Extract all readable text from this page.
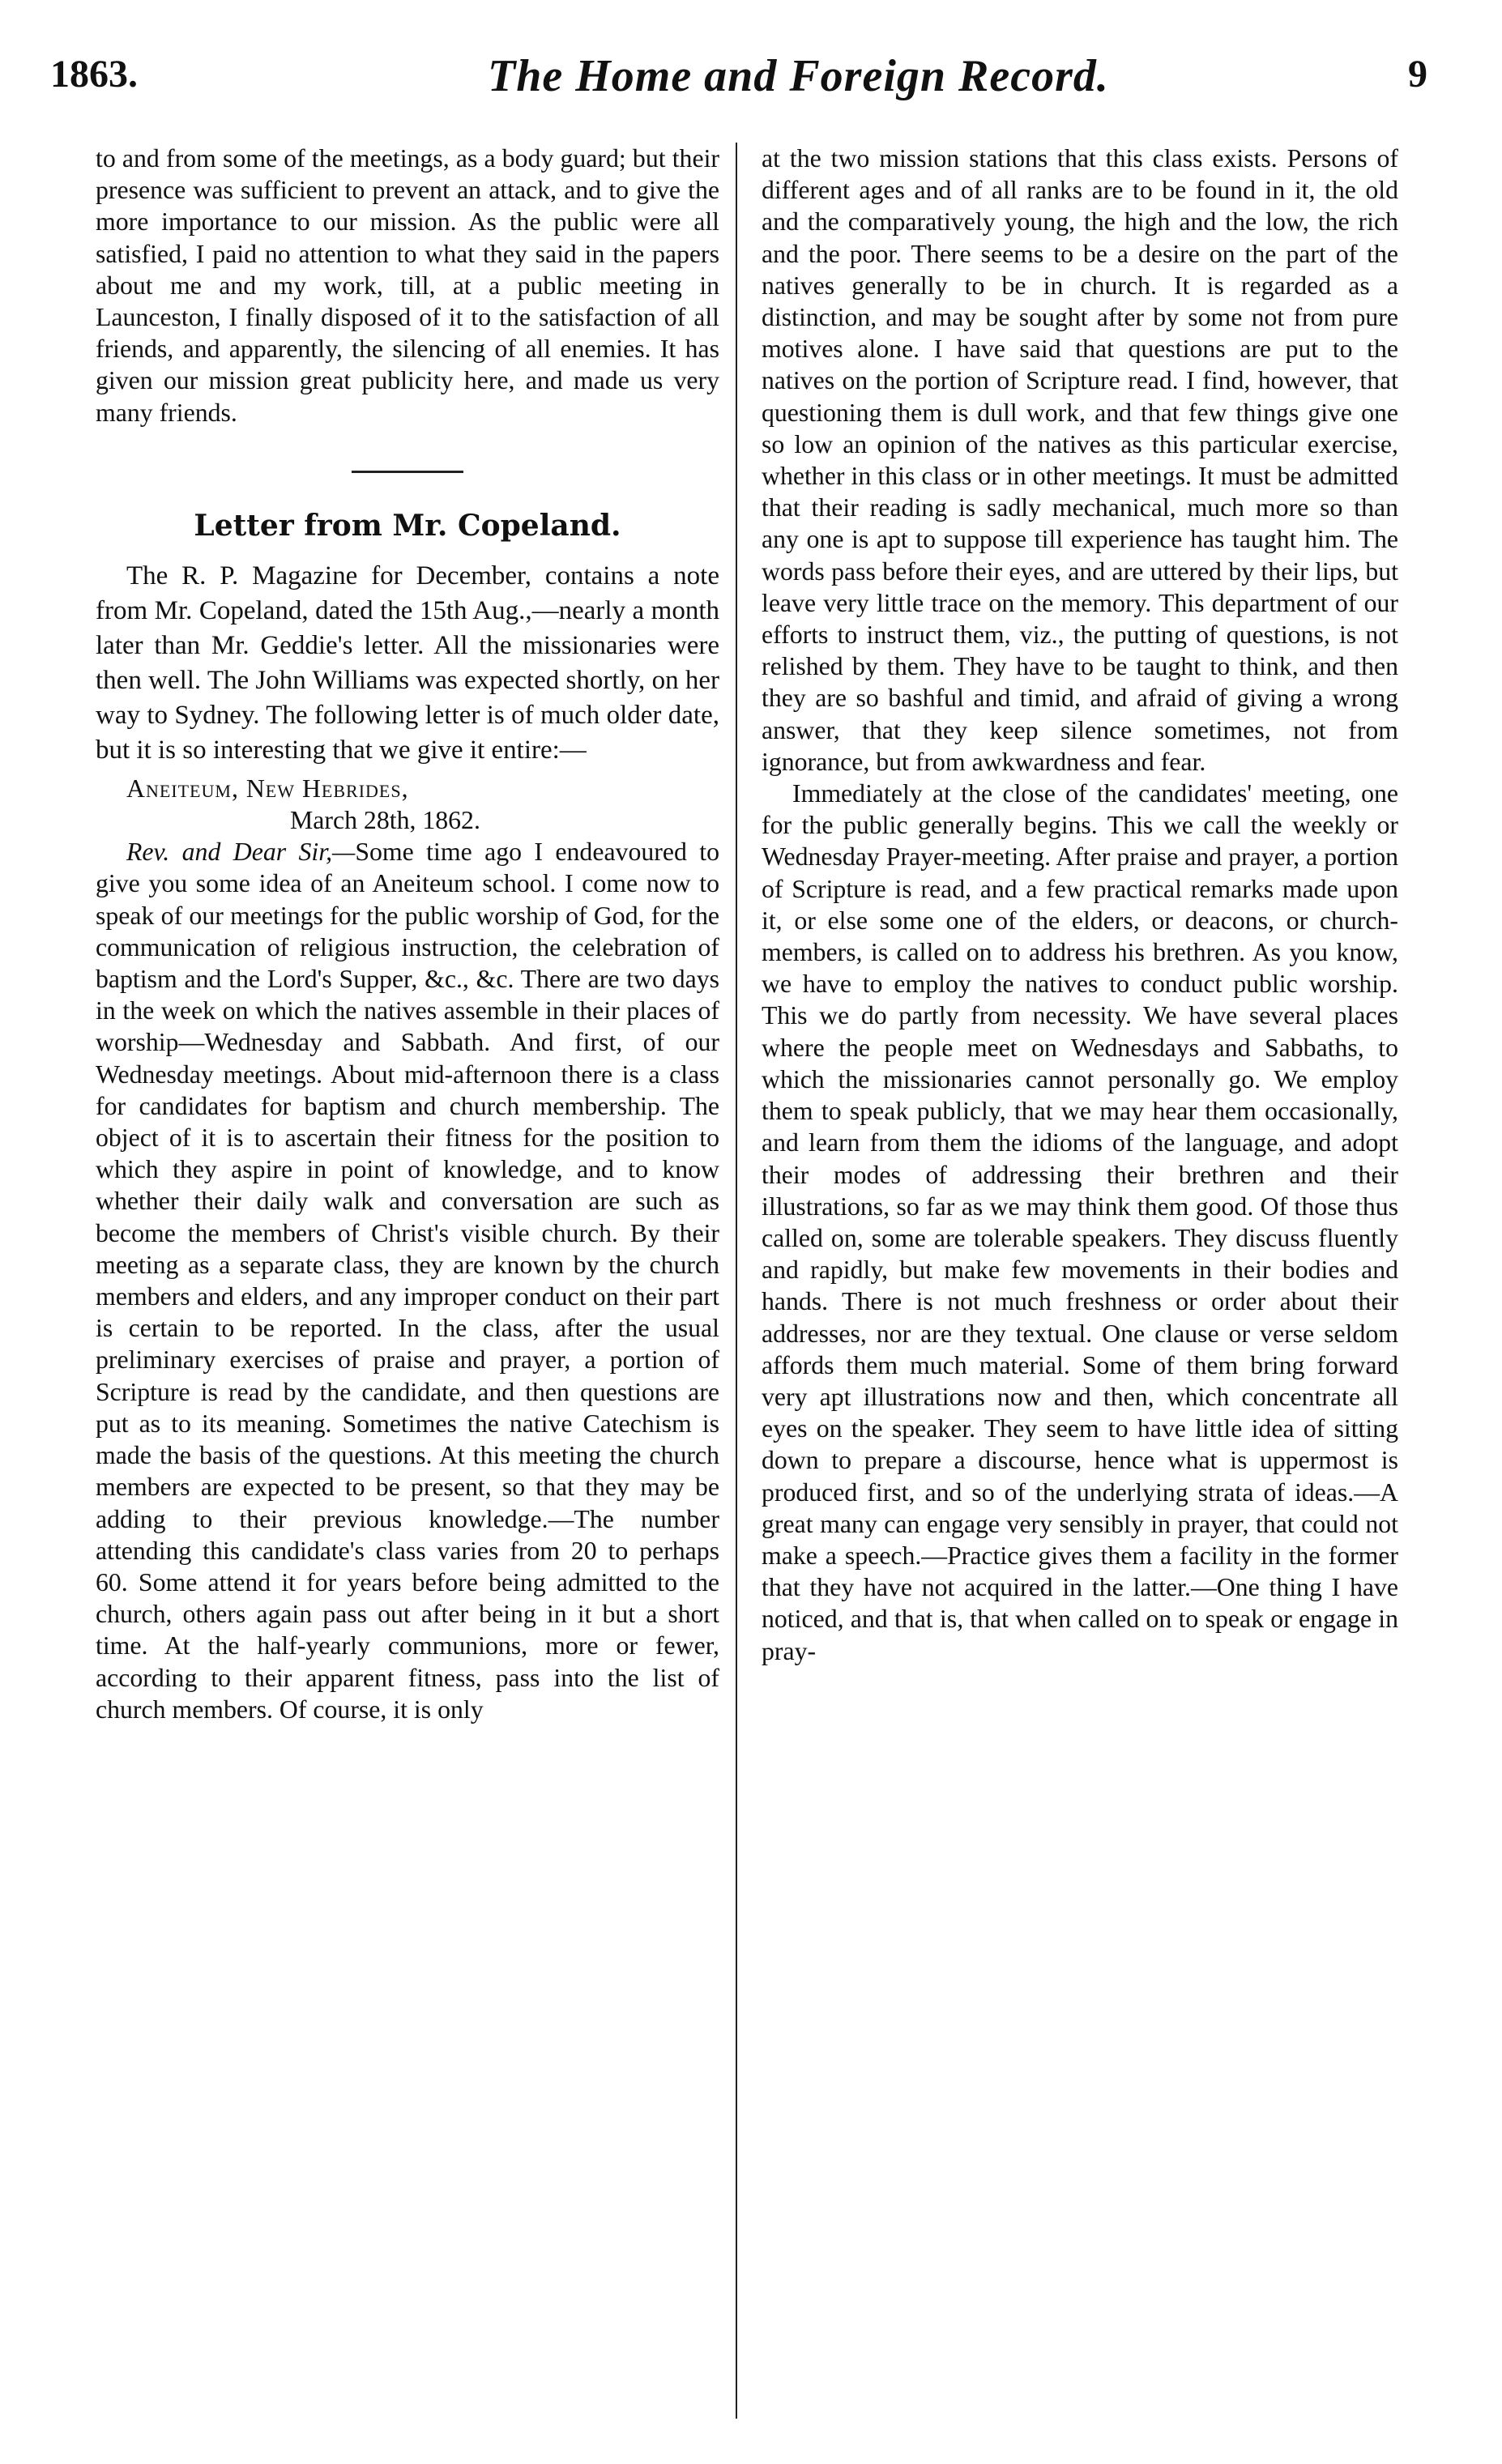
1863.	The Home and Foreign Record.	9

to and from some of the meetings, as a body guard; but their presence was sufficient to prevent an attack, and to give the more importance to our mission. As the public were all satisfied, I paid no attention to what they said in the papers about me and my work, till, at a public meeting in Launceston, I finally disposed of it to the satisfaction of all friends, and apparently, the silencing of all enemies. It has given our mission great publicity here, and made us very many friends.

Letter from Mr. Copeland.

The R. P. Magazine for December, contains a note from Mr. Copeland, dated the 15th Aug.,—nearly a month later than Mr. Geddie's letter. All the missionaries were then well. The John Williams was expected shortly, on her way to Sydney. The following letter is of much older date, but it is so interesting that we give it entire:—

Aneiteum, New Hebrides,
March 28th, 1862.

Rev. and Dear Sir,—Some time ago I endeavoured to give you some idea of an Aneiteum school. I come now to speak of our meetings for the public worship of God, for the communication of religious instruction, the celebration of baptism and the Lord's Supper, &c., &c. There are two days in the week on which the natives assemble in their places of worship—Wednesday and Sabbath. And first, of our Wednesday meetings. About mid-afternoon there is a class for candidates for baptism and church membership. The object of it is to ascertain their fitness for the position to which they aspire in point of knowledge, and to know whether their daily walk and conversation are such as become the members of Christ's visible church. By their meeting as a separate class, they are known by the church members and elders, and any improper conduct on their part is certain to be reported. In the class, after the usual preliminary exercises of praise and prayer, a portion of Scripture is read by the candidate, and then questions are put as to its meaning. Sometimes the native Catechism is made the basis of the questions. At this meeting the church members are expected to be present, so that they may be adding to their previous knowledge.—The number attending this candidate's class varies from 20 to perhaps 60. Some attend it for years before being admitted to the church, others again pass out after being in it but a short time. At the half-yearly communions, more or fewer, according to their apparent fitness, pass into the list of church members. Of course, it is only

at the two mission stations that this class exists. Persons of different ages and of all ranks are to be found in it, the old and the comparatively young, the high and the low, the rich and the poor. There seems to be a desire on the part of the natives generally to be in church. It is regarded as a distinction, and may be sought after by some not from pure motives alone. I have said that questions are put to the natives on the portion of Scripture read. I find, however, that questioning them is dull work, and that few things give one so low an opinion of the natives as this particular exercise, whether in this class or in other meetings. It must be admitted that their reading is sadly mechanical, much more so than any one is apt to suppose till experience has taught him. The words pass before their eyes, and are uttered by their lips, but leave very little trace on the memory. This department of our efforts to instruct them, viz., the putting of questions, is not relished by them. They have to be taught to think, and then they are so bashful and timid, and afraid of giving a wrong answer, that they keep silence sometimes, not from ignorance, but from awkwardness and fear.

Immediately at the close of the candidates' meeting, one for the public generally begins. This we call the weekly or Wednesday Prayer-meeting. After praise and prayer, a portion of Scripture is read, and a few practical remarks made upon it, or else some one of the elders, or deacons, or church-members, is called on to address his brethren. As you know, we have to employ the natives to conduct public worship. This we do partly from necessity. We have several places where the people meet on Wednesdays and Sabbaths, to which the missionaries cannot personally go. We employ them to speak publicly, that we may hear them occasionally, and learn from them the idioms of the language, and adopt their modes of addressing their brethren and their illustrations, so far as we may think them good. Of those thus called on, some are tolerable speakers. They discuss fluently and rapidly, but make few movements in their bodies and hands. There is not much freshness or order about their addresses, nor are they textual. One clause or verse seldom affords them much material. Some of them bring forward very apt illustrations now and then, which concentrate all eyes on the speaker. They seem to have little idea of sitting down to prepare a discourse, hence what is uppermost is produced first, and so of the underlying strata of ideas.—A great many can engage very sensibly in prayer, that could not make a speech.—Practice gives them a facility in the former that they have not acquired in the latter.—One thing I have noticed, and that is, that when called on to speak or engage in pray-
